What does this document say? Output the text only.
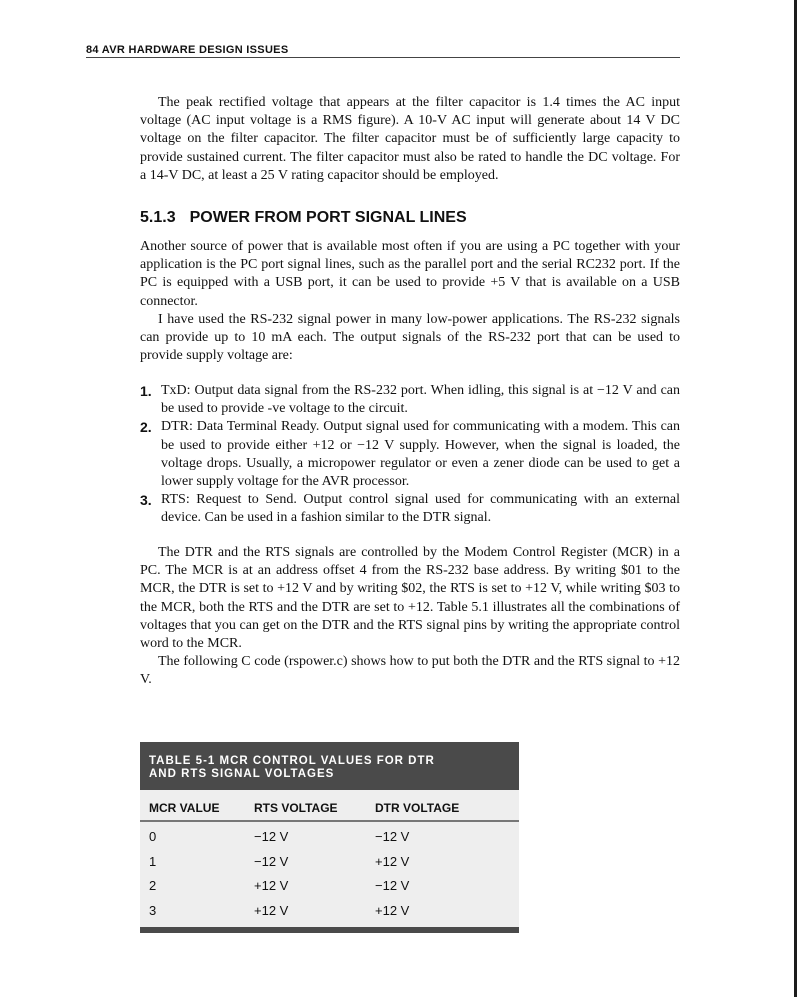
84 AVR HARDWARE DESIGN ISSUES

The peak rectified voltage that appears at the filter capacitor is 1.4 times the AC input voltage (AC input voltage is a RMS figure). A 10-V AC input will generate about 14 V DC voltage on the filter capacitor. The filter capacitor must be of sufficiently large capacity to provide sustained current. The filter capacitor must also be rated to handle the DC voltage. For a 14-V DC, at least a 25 V rating capacitor should be employed.

5.1.3 POWER FROM PORT SIGNAL LINES

Another source of power that is available most often if you are using a PC together with your application is the PC port signal lines, such as the parallel port and the serial RC232 port. If the PC is equipped with a USB port, it can be used to provide +5 V that is available on a USB connector.

I have used the RS-232 signal power in many low-power applications. The RS-232 signals can provide up to 10 mA each. The output signals of the RS-232 port that can be used to provide supply voltage are:

1. TxD: Output data signal from the RS-232 port. When idling, this signal is at −12 V and can be used to provide -ve voltage to the circuit.

2. DTR: Data Terminal Ready. Output signal used for communicating with a modem. This can be used to provide either +12 or −12 V supply. However, when the signal is loaded, the voltage drops. Usually, a micropower regulator or even a zener diode can be used to get a lower supply voltage for the AVR processor.

3. RTS: Request to Send. Output control signal used for communicating with an external device. Can be used in a fashion similar to the DTR signal.

The DTR and the RTS signals are controlled by the Modem Control Register (MCR) in a PC. The MCR is at an address offset 4 from the RS-232 base address. By writing $01 to the MCR, the DTR is set to +12 V and by writing $02, the RTS is set to +12 V, while writing $03 to the MCR, both the RTS and the DTR are set to +12. Table 5.1 illustrates all the combinations of voltages that you can get on the DTR and the RTS signal pins by writing the appropriate control word to the MCR.

The following C code (rspower.c) shows how to put both the DTR and the RTS signal to +12 V.

TABLE 5-1 MCR CONTROL VALUES FOR DTR
AND RTS SIGNAL VOLTAGES
MCR VALUE	RTS VOLTAGE	DTR VOLTAGE
0	−12 V	−12 V
1	−12 V	+12 V
2	+12 V	−12 V
3	+12 V	+12 V
